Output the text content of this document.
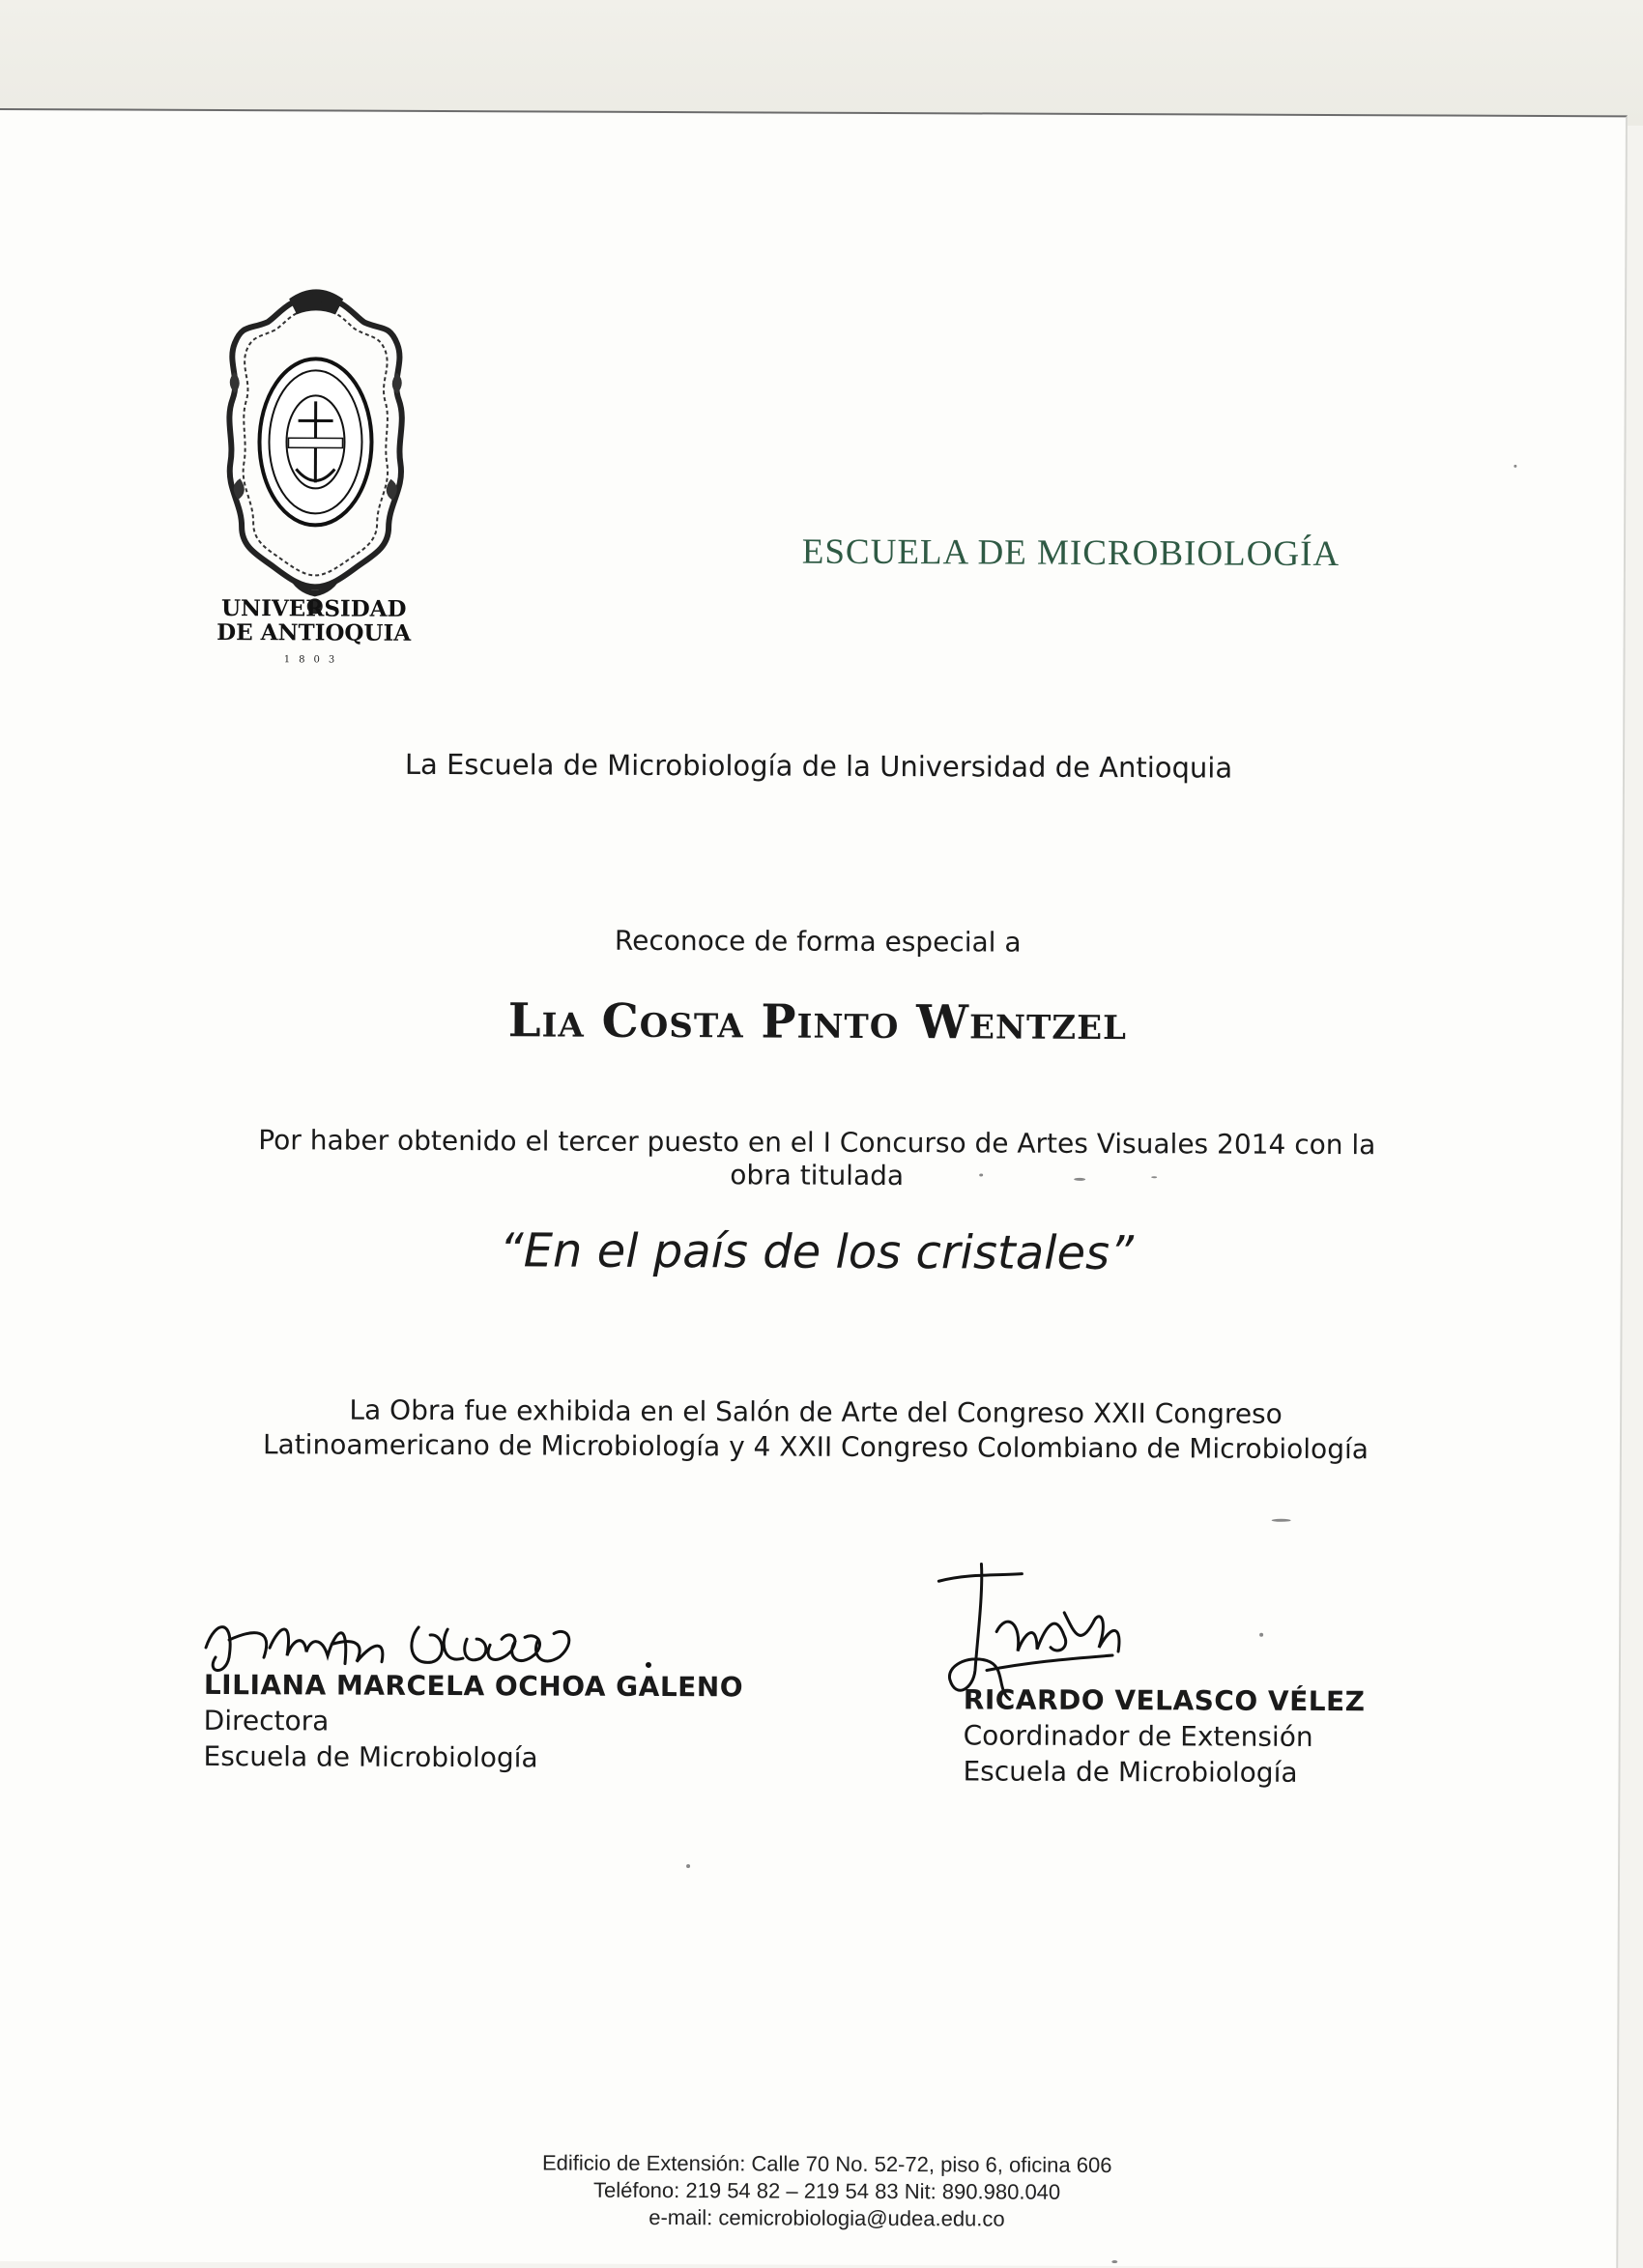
UNIVERSIDAD DE ANTIOQUIA
1803
ESCUELA DE MICROBIOLOGÍA
La Escuela de Microbiología de la Universidad de Antioquia
Reconoce de forma especial a
Lia Costa Pinto Wentzel
Por haber obtenido el tercer puesto en el I Concurso de Artes Visuales 2014 con la
obra titulada
“En el país de los cristales”
La Obra fue exhibida en el Salón de Arte del Congreso XXII Congreso
Latinoamericano de Microbiología y 4 XXII Congreso Colombiano de Microbiología
LILIANA MARCELA OCHOA GALENO
Directora
Escuela de Microbiología
RICARDO VELASCO VÉLEZ
Coordinador de Extensión
Escuela de Microbiología
Edificio de Extensión: Calle 70 No. 52-72, piso 6, oficina 606
Teléfono: 219 54 82 – 219 54 83 Nit: 890.980.040
e-mail: cemicrobiologia@udea.edu.co
